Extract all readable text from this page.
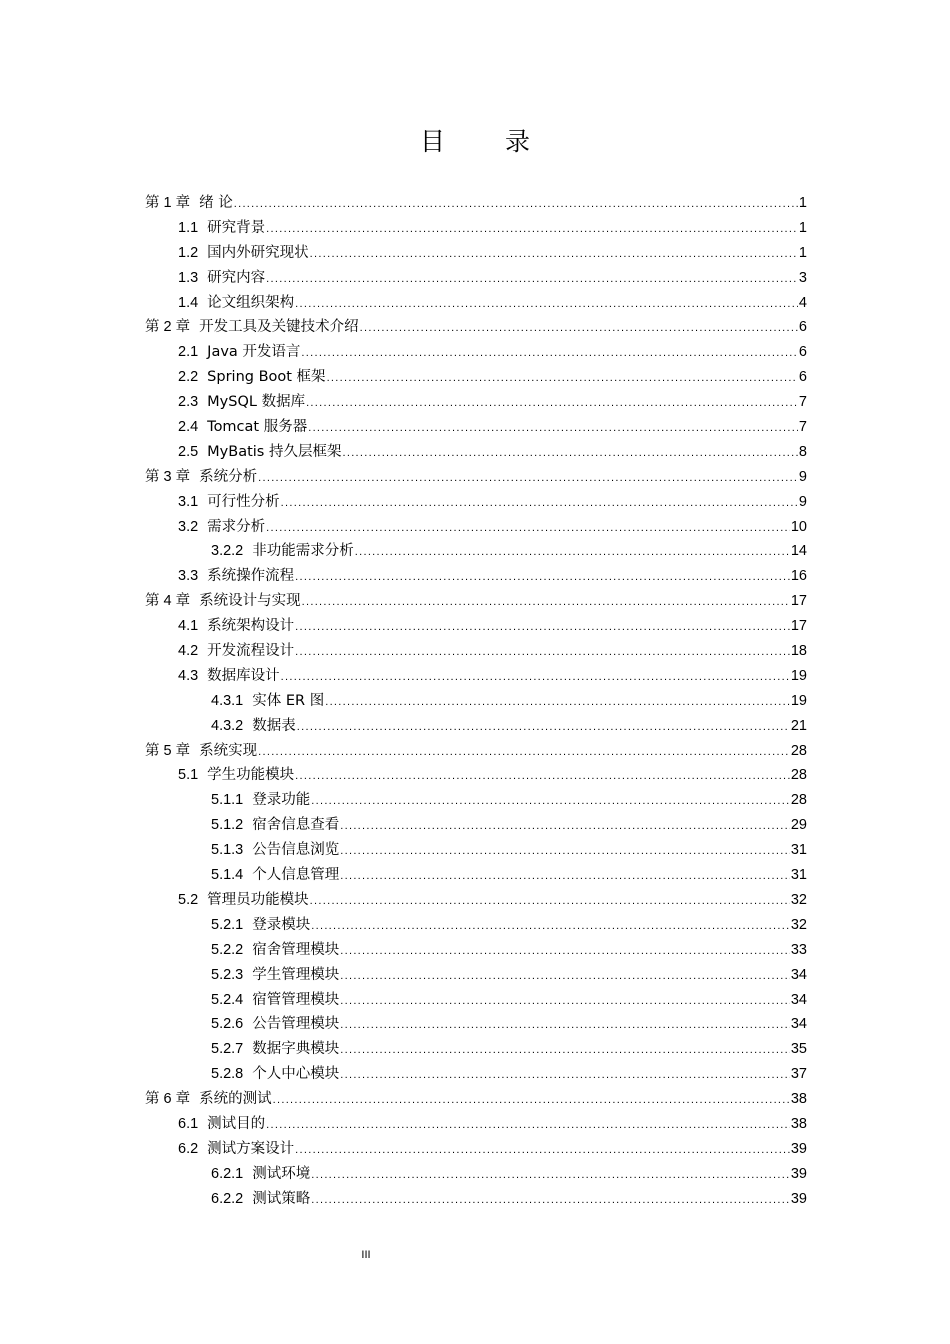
目 录
第 1 章 绪 论 .....	1
1.1 研究背景 .....	1
1.2 国内外研究现状 .....	1
1.3 研究内容 .....	3
1.4 论文组织架构 .....	4
第 2 章 开发工具及关键技术介绍 .....	6
2.1 Java 开发语言 .....	6
2.2 Spring Boot 框架 .....	6
2.3 MySQL 数据库 .....	7
2.4 Tomcat 服务器 .....	7
2.5 MyBatis 持久层框架 .....	8
第 3 章 系统分析 .....	9
3.1 可行性分析 .....	9
3.2 需求分析 .....	10
3.2.2 非功能需求分析 .....	14
3.3 系统操作流程 .....	16
第 4 章 系统设计与实现 .....	17
4.1 系统架构设计 .....	17
4.2 开发流程设计 .....	18
4.3 数据库设计 .....	19
4.3.1 实体 ER 图 .....	19
4.3.2 数据表 .....	21
第 5 章 系统实现 .....	28
5.1 学生功能模块 .....	28
5.1.1 登录功能 .....	28
5.1.2 宿舍信息查看 .....	29
5.1.3 公告信息浏览 .....	31
5.1.4 个人信息管理 .....	31
5.2 管理员功能模块 .....	32
5.2.1 登录模块 .....	32
5.2.2 宿舍管理模块 .....	33
5.2.3 学生管理模块 .....	34
5.2.4 宿管管理模块 .....	34
5.2.6 公告管理模块 .....	34
5.2.7 数据字典模块 .....	35
5.2.8 个人中心模块 .....	37
第 6 章 系统的测试 .....	38
6.1 测试目的 .....	38
6.2 测试方案设计 .....	39
6.2.1 测试环境 .....	39
6.2.2 测试策略 .....	39
III
